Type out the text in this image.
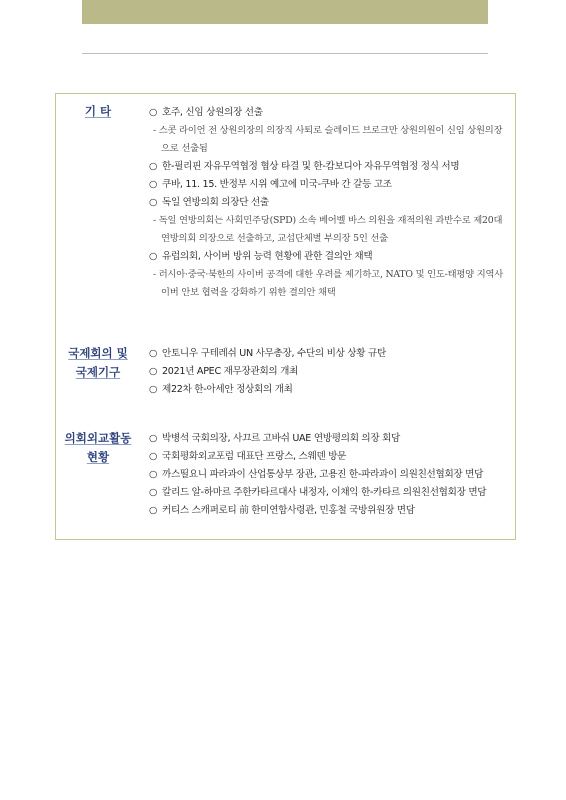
기 타	○ 호주, 신임 상원의장 선출
- 스콧 라이언 전 상원의장의 의장직 사퇴로 슬레이드 브로크만 상원의원이 신임 상원의장으로 선출됨
○ 한-필리핀 자유무역협정 협상 타결 및 한-캄보디아 자유무역협정 정식 서명
○ 쿠바, 11. 15. 반정부 시위 예고에 미국-쿠바 간 갈등 고조
○ 독일 연방의회 의장단 선출
- 독일 연방의회는 사회민주당(SPD) 소속 베어벨 바스 의원을 재적의원 과반수로 제20대 연방의회 의장으로 선출하고, 교섭단체별 부의장 5인 선출
○ 유럽의회, 사이버 방위 능력 현황에 관한 결의안 채택
- 러시아·중국·북한의 사이버 공격에 대한 우려를 제기하고, NATO 및 인도-태평양 지역사이버 안보 협력을 강화하기 위한 결의안 채택
국제회의 및
국제기구
○ 안토니우 구테레쉬 UN 사무총장, 수단의 비상 상황 규탄
○ 2021년 APEC 재무장관회의 개최
○ 제22차 한-아세안 정상회의 개최
의회외교활동
현황
○ 박병석 국회의장, 사끄르 고바쉬 UAE 연방평의회 의장 회담
○ 국회평화외교포럼 대표단 프랑스, 스웨덴 방문
○ 까스띨요니 파라과이 산업통상부 장관, 고용진 한-파라과이 의원친선협회장 면담
○ 칼리드 알-하마르 주한카타르대사 내정자, 이채익 한-카타르 의원친선협회장 면담
○ 커티스 스캐퍼로티 前 한미연합사령관, 민홍철 국방위원장 면담
